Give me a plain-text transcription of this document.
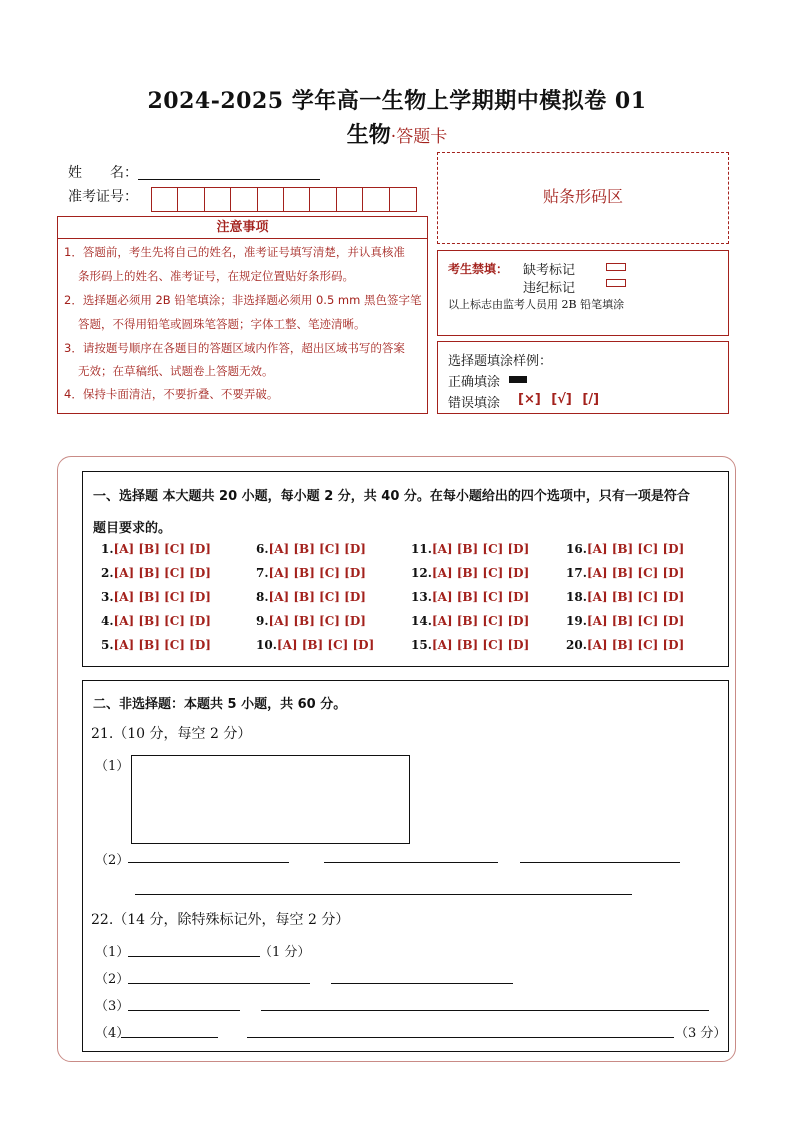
2024-2025 学年高一生物上学期期中模拟卷 01
生物·答题卡
姓　　名：
准考证号：
注意事项
1．答题前，考生先将自己的姓名，准考证号填写清楚，并认真核准
条形码上的姓名、准考证号，在规定位置贴好条形码。
2．选择题必须用 2B 铅笔填涂；非选择题必须用 0.5 mm 黑色签字笔
答题，不得用铅笔或圆珠笔答题；字体工整、笔迹清晰。
3．请按题号顺序在各题目的答题区域内作答，超出区域书写的答案
无效；在草稿纸、试题卷上答题无效。
4．保持卡面清洁，不要折叠、不要弄破。
贴条形码区
考生禁填： 缺考标记
违纪标记
以上标志由监考人员用 2B 铅笔填涂
选择题填涂样例：
正确填涂
错误填涂 [×] [√] [/]
一、选择题 本大题共 20 小题，每小题 2 分，共 40 分。在每小题给出的四个选项中，只有一项是符合
题目要求的。
1.[A] [B] [C] [D]	6.[A] [B] [C] [D]	11.[A] [B] [C] [D]	16.[A] [B] [C] [D]
2.[A] [B] [C] [D]	7.[A] [B] [C] [D]	12.[A] [B] [C] [D]	17.[A] [B] [C] [D]
3.[A] [B] [C] [D]	8.[A] [B] [C] [D]	13.[A] [B] [C] [D]	18.[A] [B] [C] [D]
4.[A] [B] [C] [D]	9.[A] [B] [C] [D]	14.[A] [B] [C] [D]	19.[A] [B] [C] [D]
5.[A] [B] [C] [D]	10.[A] [B] [C] [D]	15.[A] [B] [C] [D]	20.[A] [B] [C] [D]
二、非选择题：本题共 5 小题，共 60 分。
21.（10 分，每空 2 分）
（1）
（2）
22.（14 分，除特殊标记外，每空 2 分）
（1）	（1 分）
（2）
（3）
（4）	（3 分）
